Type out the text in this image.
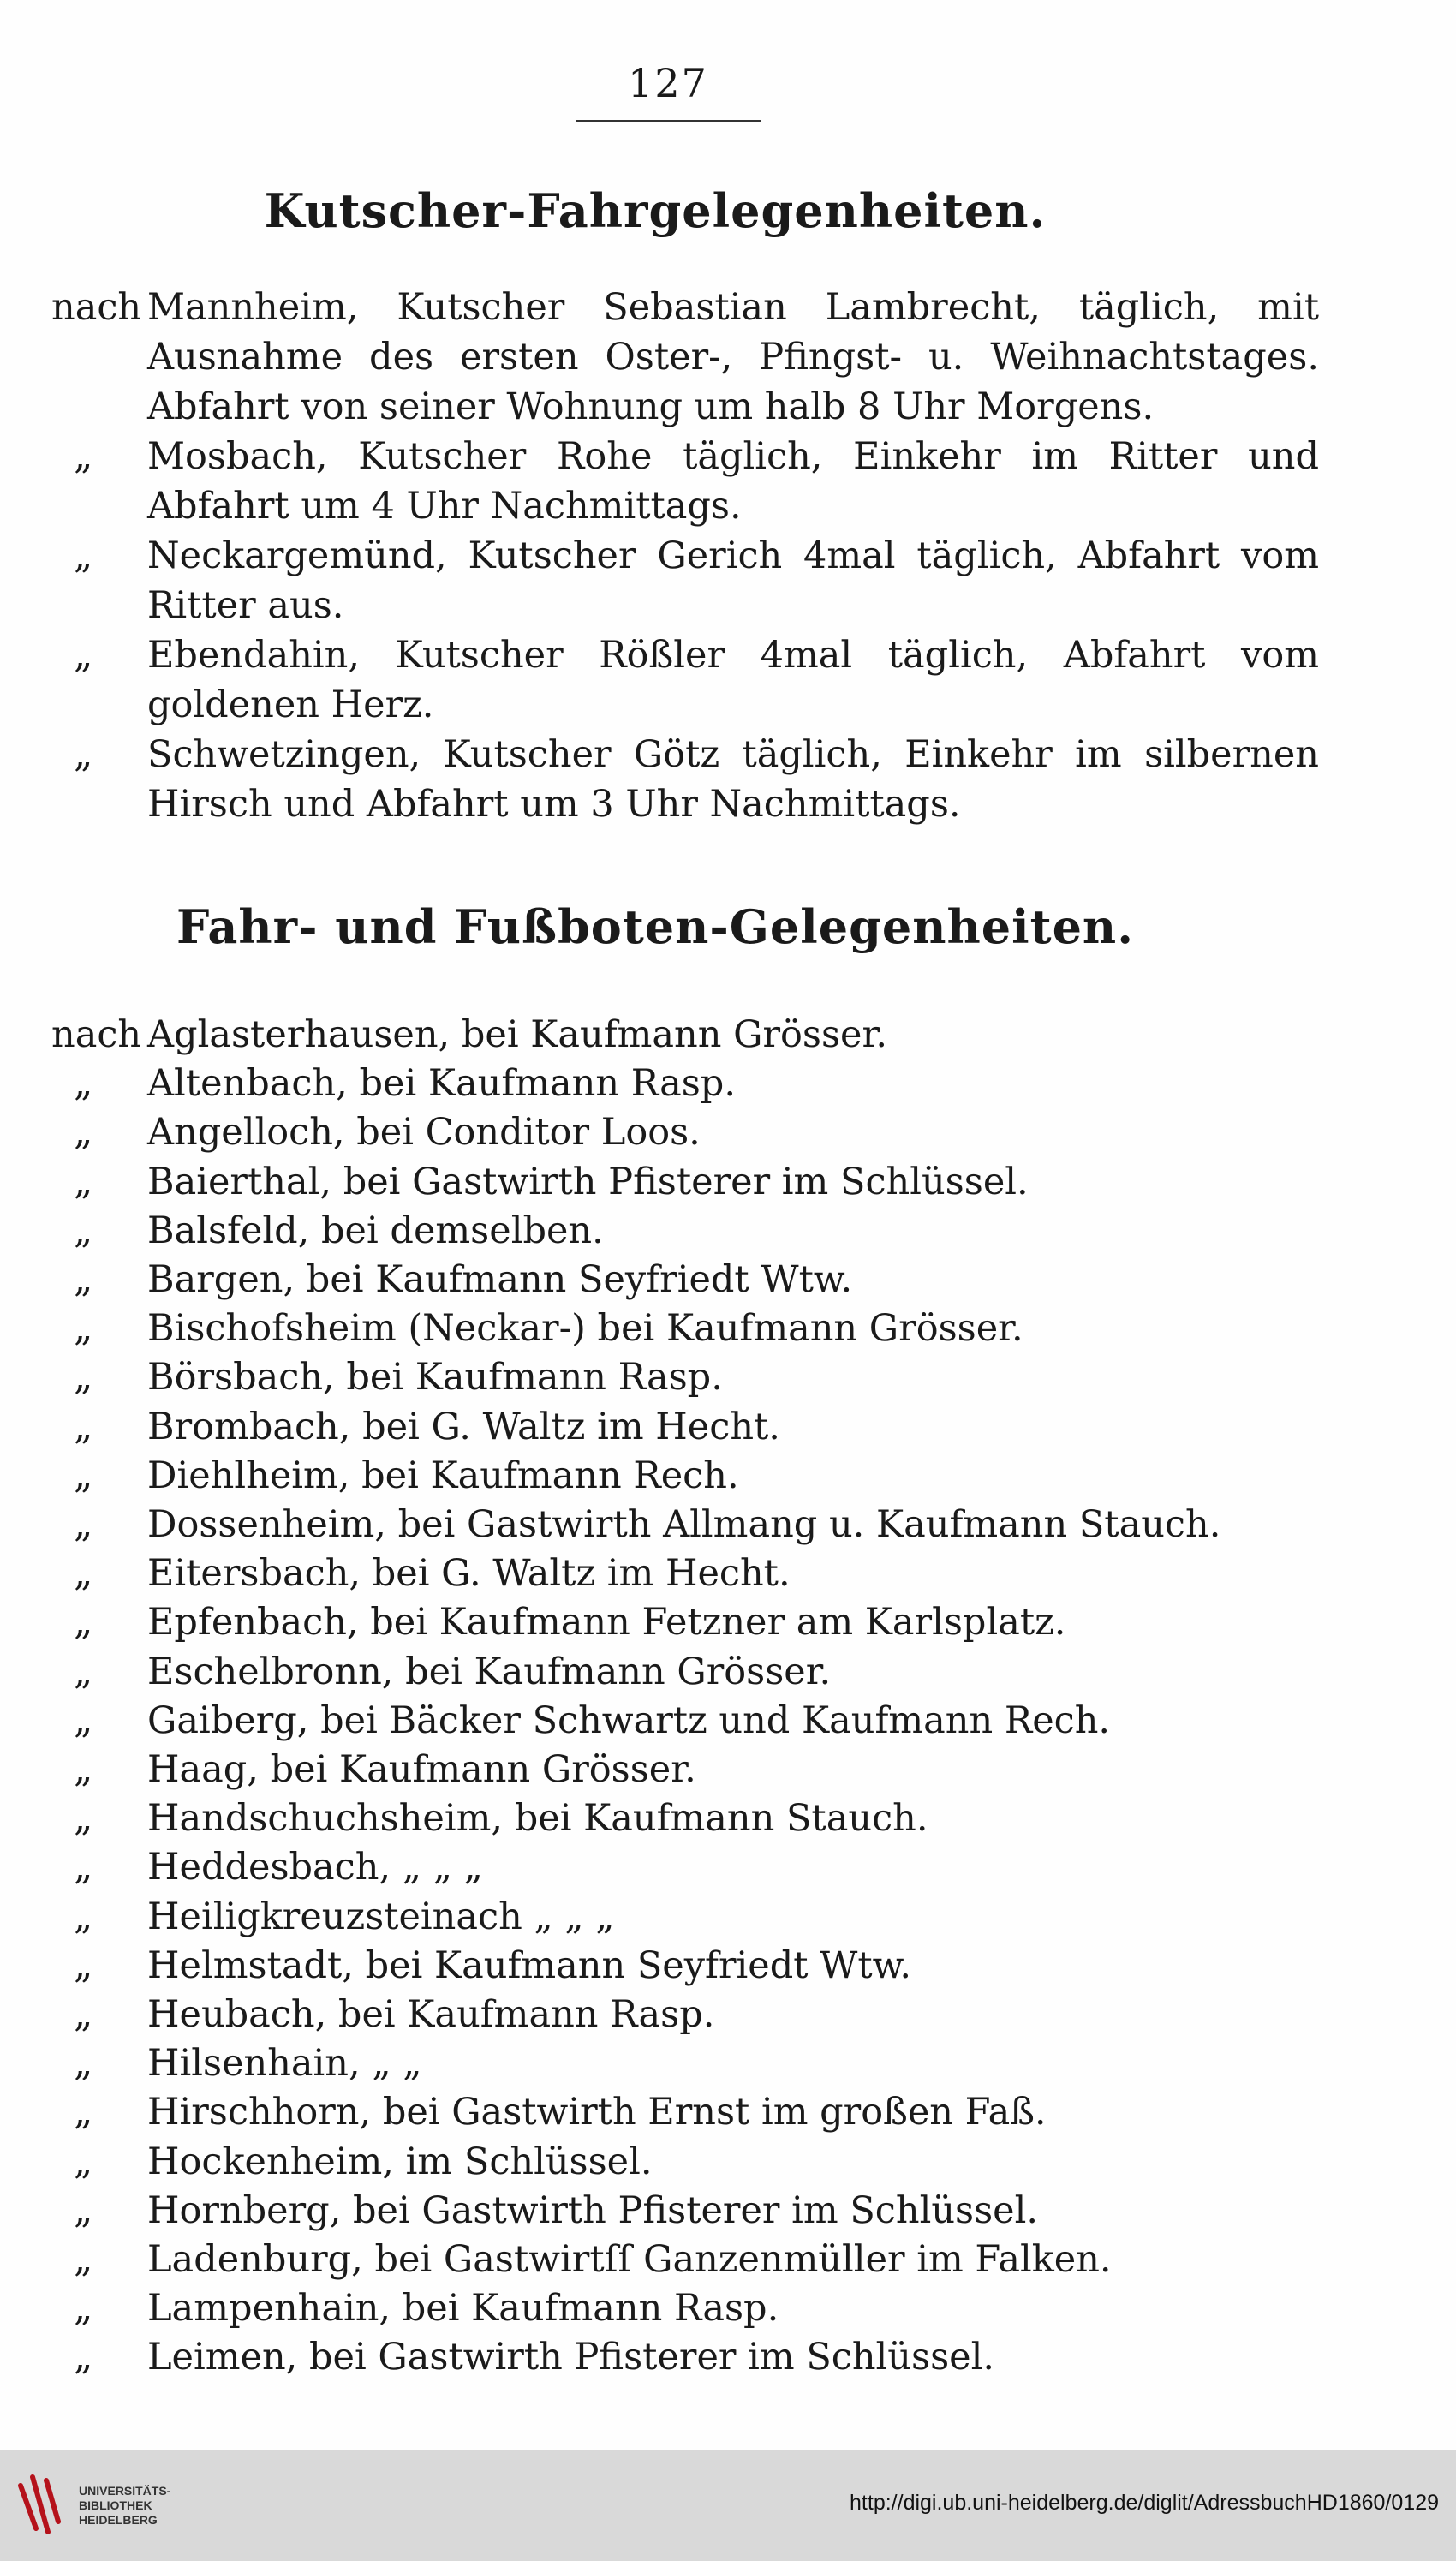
127
Kutscher-Fahrgelegenheiten.
nach Mannheim, Kutscher Sebastian Lambrecht, täglich, mit Ausnahme des ersten Oster-, Pfingst- u. Weihnachtstages. Abfahrt von seiner Wohnung um halb 8 Uhr Morgens.
„	Mosbach, Kutscher Rohe täglich, Einkehr im Ritter und Abfahrt um 4 Uhr Nachmittags.
„	Neckargemünd, Kutscher Gerich 4mal täglich, Abfahrt vom Ritter aus.
„	Ebendahin, Kutscher Rößler 4mal täglich, Abfahrt vom goldenen Herz.
„	Schwetzingen, Kutscher Götz täglich, Einkehr im silbernen Hirsch und Abfahrt um 3 Uhr Nachmittags.
Fahr- und Fußboten-Gelegenheiten.
nach Aglasterhausen, bei Kaufmann Grösser.
„	Altenbach, bei Kaufmann Rasp.
„	Angelloch, bei Conditor Loos.
„	Baierthal, bei Gastwirth Pfisterer im Schlüssel.
„	Balsfeld, bei demselben.
„	Bargen, bei Kaufmann Seyfriedt Wtw.
„	Bischofsheim (Neckar-) bei Kaufmann Grösser.
„	Börsbach, bei Kaufmann Rasp.
„	Brombach, bei G. Waltz im Hecht.
„	Diehlheim, bei Kaufmann Rech.
„	Dossenheim, bei Gastwirth Allmang u. Kaufmann Stauch.
„	Eitersbach, bei G. Waltz im Hecht.
„	Epfenbach, bei Kaufmann Fetzner am Karlsplatz.
„	Eschelbronn, bei Kaufmann Grösser.
„	Gaiberg, bei Bäcker Schwartz und Kaufmann Rech.
„	Haag, bei Kaufmann Grösser.
„	Handschuchsheim, bei Kaufmann Stauch.
„	Heddesbach, „ „ „
„	Heiligkreuzsteinach „ „ „
„	Helmstadt, bei Kaufmann Seyfriedt Wtw.
„	Heubach, bei Kaufmann Rasp.
„	Hilsenhain, „ „
„	Hirschhorn, bei Gastwirth Ernst im großen Faß.
„	Hockenheim, im Schlüssel.
„	Hornberg, bei Gastwirth Pfisterer im Schlüssel.
„	Ladenburg, bei Gastwirtſſ Ganzenmüller im Falken.
„	Lampenhain, bei Kaufmann Rasp.
„	Leimen, bei Gastwirth Pfisterer im Schlüssel.
UNIVERSITÄTS-
BIBLIOTHEK
HEIDELBERG
http://digi.ub.uni-heidelberg.de/diglit/AdressbuchHD1860/0129
